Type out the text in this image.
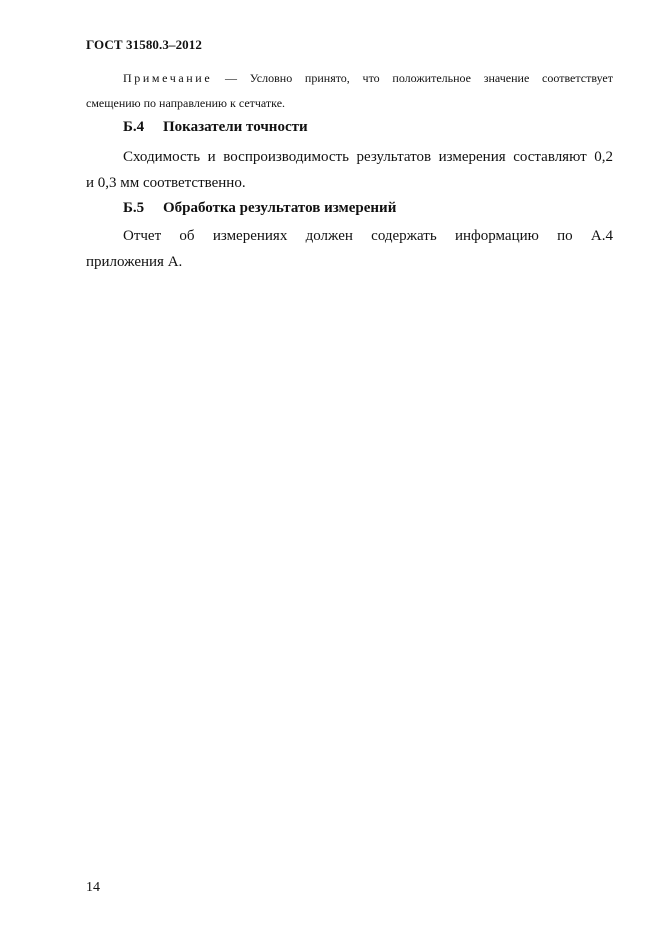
ГОСТ 31580.3–2012
Примечание — Условно принято, что положительное значение соответствует
смещению по направлению к сетчатке.
Б.4 Показатели точности
Сходимость и воспроизводимость результатов измерения составляют 0,2
и 0,3 мм соответственно.
Б.5 Обработка результатов измерений
Отчет об измерениях должен содержать информацию по А.4
приложения А.
14
